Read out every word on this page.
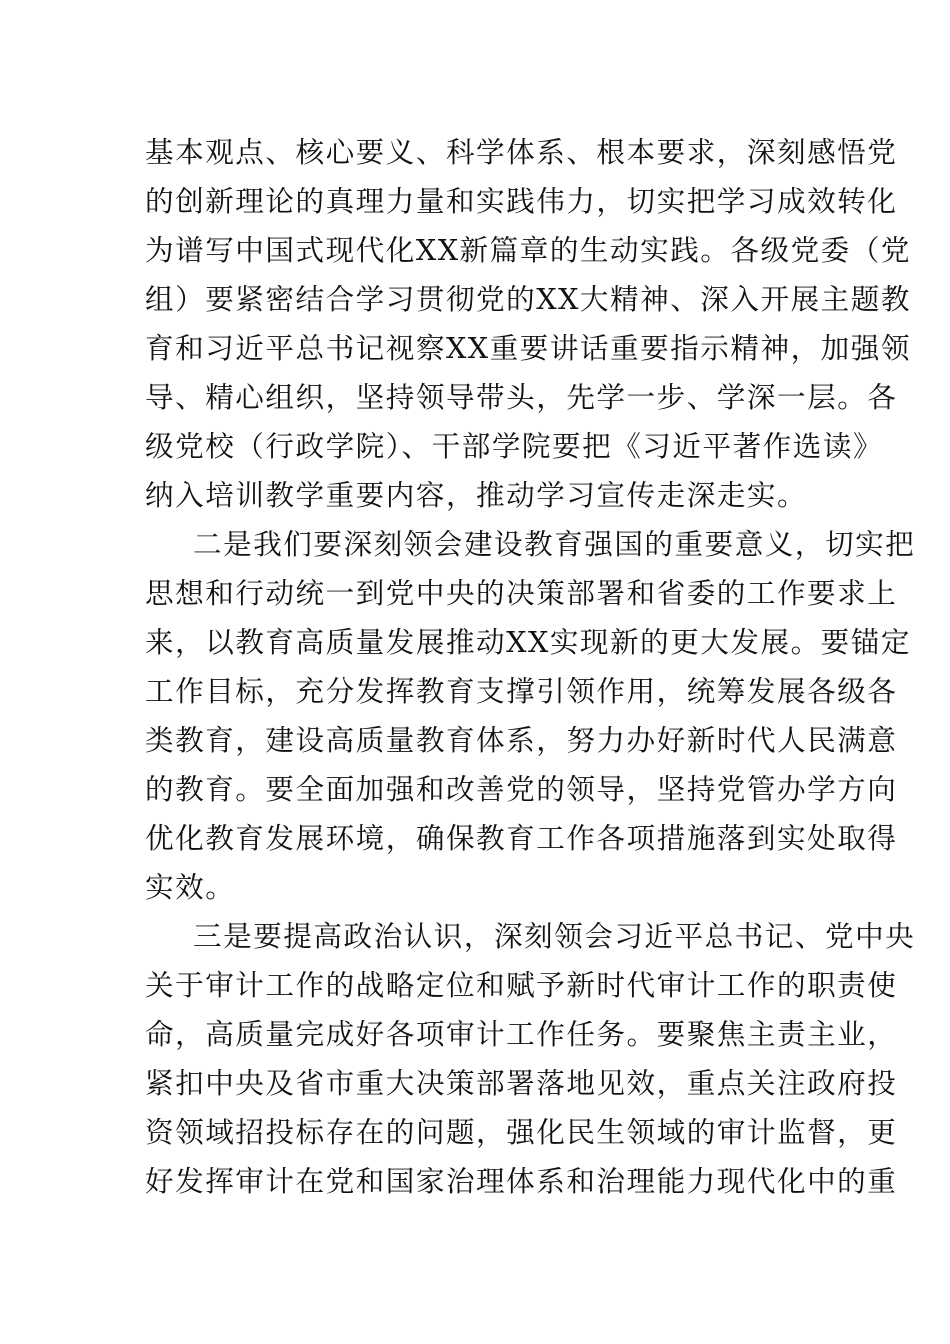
基本观点、核心要义、科学体系、根本要求，深刻感悟党
的创新理论的真理力量和实践伟力，切实把学习成效转化
为谱写中国式现代化XX新篇章的生动实践。各级党委（党
组）要紧密结合学习贯彻党的XX大精神、深入开展主题教
育和习近平总书记视察XX重要讲话重要指示精神，加强领
导、精心组织，坚持领导带头，先学一步、学深一层。各
级党校（行政学院）、干部学院要把《习近平著作选读》
纳入培训教学重要内容，推动学习宣传走深走实。
二是我们要深刻领会建设教育强国的重要意义，切实把
思想和行动统一到党中央的决策部署和省委的工作要求上
来，以教育高质量发展推动XX实现新的更大发展。要锚定
工作目标，充分发挥教育支撑引领作用，统筹发展各级各
类教育，建设高质量教育体系，努力办好新时代人民满意
的教育。要全面加强和改善党的领导，坚持党管办学方向
优化教育发展环境，确保教育工作各项措施落到实处取得
实效。
三是要提高政治认识，深刻领会习近平总书记、党中央
关于审计工作的战略定位和赋予新时代审计工作的职责使
命，高质量完成好各项审计工作任务。要聚焦主责主业，
紧扣中央及省市重大决策部署落地见效，重点关注政府投
资领域招投标存在的问题，强化民生领域的审计监督，更
好发挥审计在党和国家治理体系和治理能力现代化中的重
